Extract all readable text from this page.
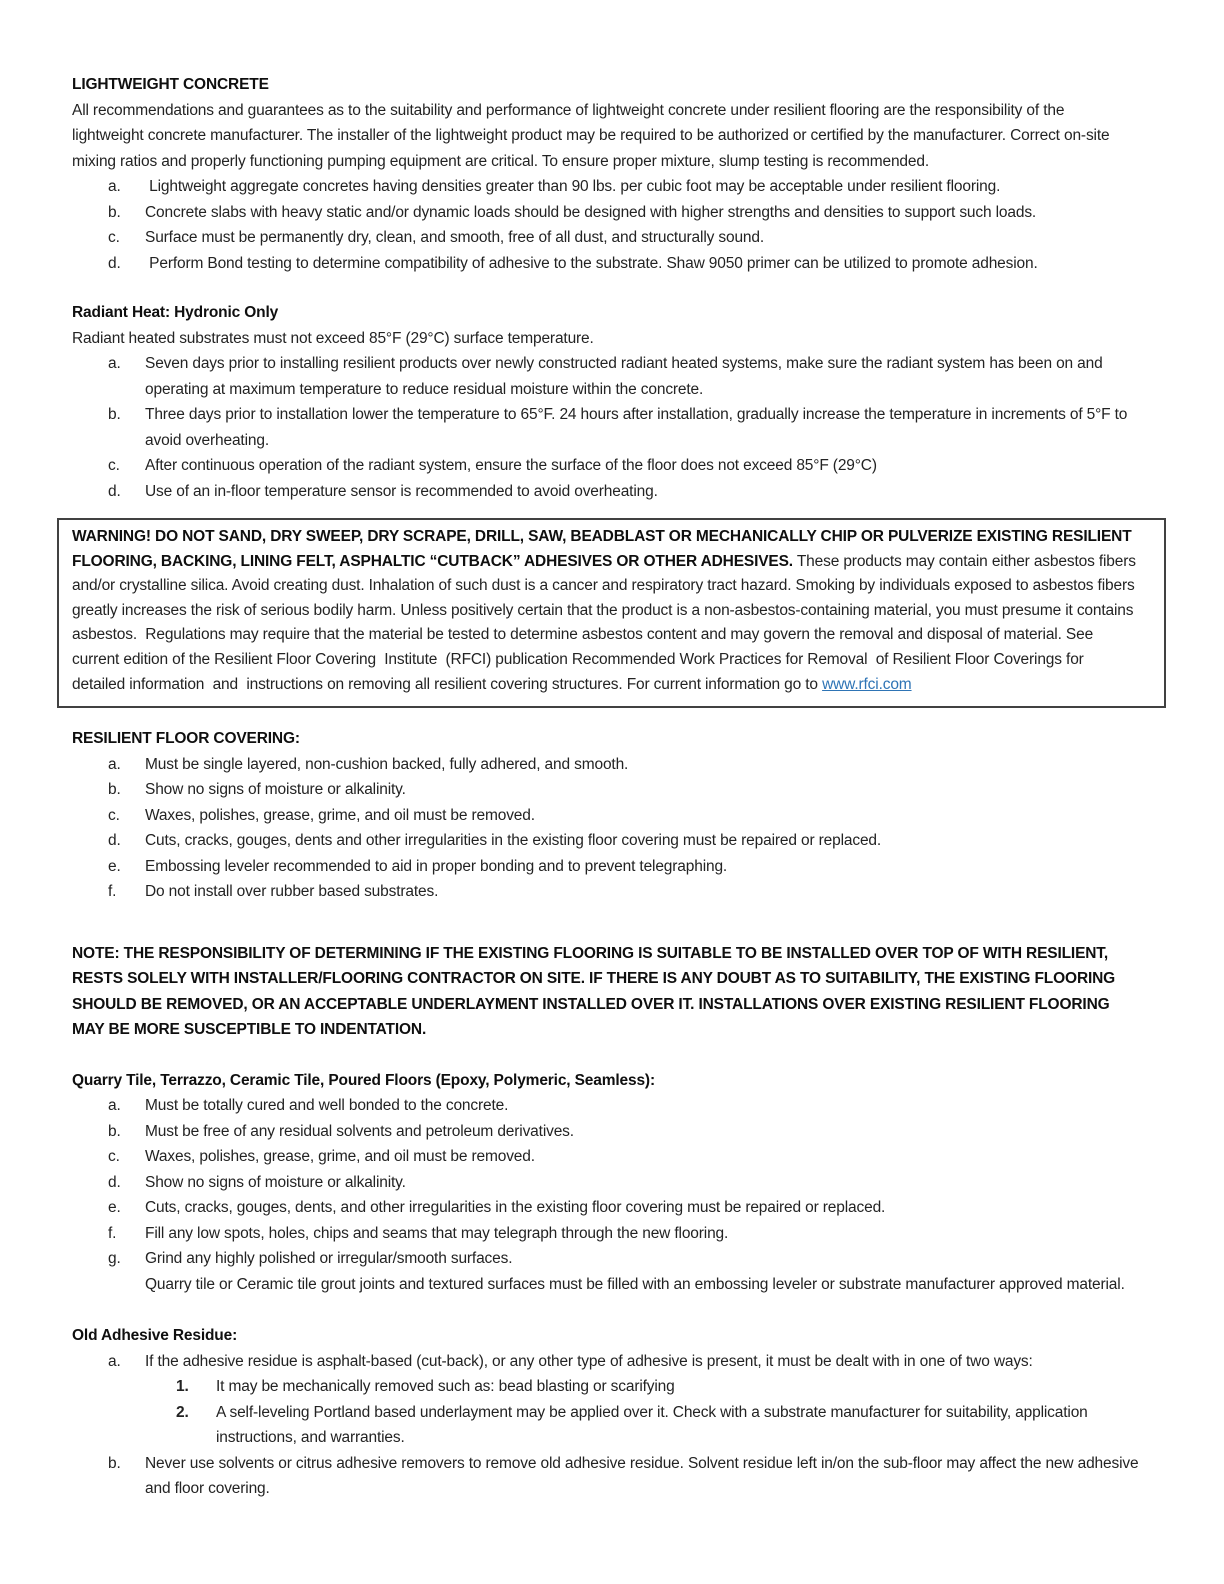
LIGHTWEIGHT CONCRETE
All recommendations and guarantees as to the suitability and performance of lightweight concrete under resilient flooring are the responsibility of the lightweight concrete manufacturer. The installer of the lightweight product may be required to be authorized or certified by the manufacturer. Correct on-site mixing ratios and properly functioning pumping equipment are critical. To ensure proper mixture, slump testing is recommended.
a.	Lightweight aggregate concretes having densities greater than 90 lbs. per cubic foot may be acceptable under resilient flooring.
b.	Concrete slabs with heavy static and/or dynamic loads should be designed with higher strengths and densities to support such loads.
c.	Surface must be permanently dry, clean, and smooth, free of all dust, and structurally sound.
d.	Perform Bond testing to determine compatibility of adhesive to the substrate. Shaw 9050 primer can be utilized to promote adhesion.
Radiant Heat: Hydronic Only
Radiant heated substrates must not exceed 85°F (29°C) surface temperature.
a.	Seven days prior to installing resilient products over newly constructed radiant heated systems, make sure the radiant system has been on and operating at maximum temperature to reduce residual moisture within the concrete.
b.	Three days prior to installation lower the temperature to 65°F. 24 hours after installation, gradually increase the temperature in increments of 5°F to avoid overheating.
c.	After continuous operation of the radiant system, ensure the surface of the floor does not exceed 85°F (29°C)
d.	Use of an in-floor temperature sensor is recommended to avoid overheating.
WARNING! DO NOT SAND, DRY SWEEP, DRY SCRAPE, DRILL, SAW, BEADBLAST OR MECHANICALLY CHIP OR PULVERIZE EXISTING RESILIENT FLOORING, BACKING, LINING FELT, ASPHALTIC “CUTBACK” ADHESIVES OR OTHER ADHESIVES. These products may contain either asbestos fibers and/or crystalline silica. Avoid creating dust. Inhalation of such dust is a cancer and respiratory tract hazard. Smoking by individuals exposed to asbestos fibers greatly increases the risk of serious bodily harm. Unless positively certain that the product is a non-asbestos-containing material, you must presume it contains asbestos.  Regulations may require that the material be tested to determine asbestos content and may govern the removal and disposal of material. See  current edition of the Resilient Floor Covering  Institute  (RFCI) publication Recommended Work Practices for Removal  of Resilient Floor Coverings for detailed information  and  instructions on removing all resilient covering structures. For current information go to www.rfci.com
RESILIENT FLOOR COVERING:
a.	Must be single layered, non-cushion backed, fully adhered, and smooth.
b.	Show no signs of moisture or alkalinity.
c.	Waxes, polishes, grease, grime, and oil must be removed.
d.	Cuts, cracks, gouges, dents and other irregularities in the existing floor covering must be repaired or replaced.
e.	Embossing leveler recommended to aid in proper bonding and to prevent telegraphing.
f.	Do not install over rubber based substrates.
NOTE: THE RESPONSIBILITY OF DETERMINING IF THE EXISTING FLOORING IS SUITABLE TO BE INSTALLED OVER TOP OF WITH RESILIENT, RESTS SOLELY WITH INSTALLER/FLOORING CONTRACTOR ON SITE. IF THERE IS ANY DOUBT AS TO SUITABILITY, THE EXISTING FLOORING SHOULD BE REMOVED, OR AN ACCEPTABLE UNDERLAYMENT INSTALLED OVER IT. INSTALLATIONS OVER EXISTING RESILIENT FLOORING MAY BE MORE SUSCEPTIBLE TO INDENTATION.
Quarry Tile, Terrazzo, Ceramic Tile, Poured Floors (Epoxy, Polymeric, Seamless):
a.	Must be totally cured and well bonded to the concrete.
b.	Must be free of any residual solvents and petroleum derivatives.
c.	Waxes, polishes, grease, grime, and oil must be removed.
d.	Show no signs of moisture or alkalinity.
e.	Cuts, cracks, gouges, dents, and other irregularities in the existing floor covering must be repaired or replaced.
f.	Fill any low spots, holes, chips and seams that may telegraph through the new flooring.
g.	Grind any highly polished or irregular/smooth surfaces.
Quarry tile or Ceramic tile grout joints and textured surfaces must be filled with an embossing leveler or substrate manufacturer approved material.
Old Adhesive Residue:
a.	If the adhesive residue is asphalt-based (cut-back), or any other type of adhesive is present, it must be dealt with in one of two ways:
1.	It may be mechanically removed such as: bead blasting or scarifying
2.	A self-leveling Portland based underlayment may be applied over it. Check with a substrate manufacturer for suitability, application instructions, and warranties.
b.	Never use solvents or citrus adhesive removers to remove old adhesive residue. Solvent residue left in/on the sub-floor may affect the new adhesive and floor covering.
